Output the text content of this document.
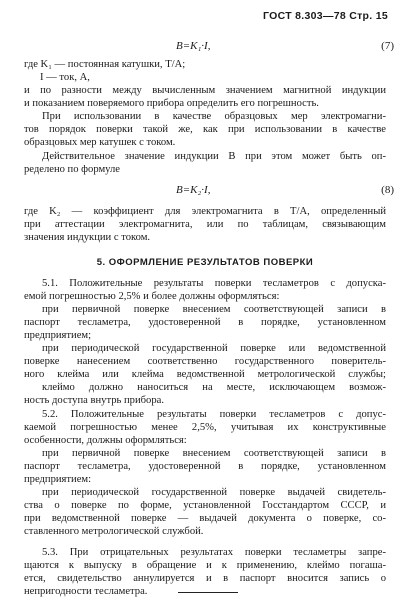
ГОСТ 8.303—78 Стр. 15
B=K₁·I,	(7)
где K₁ — постоянная катушки, Т/А;
I — ток, А,
и по разности между вычисленным значением магнитной индукции
и показанием поверяемого прибора определить его погрешность.
При использовании в качестве образцовых мер электромагни-
тов порядок поверки такой же, как при использовании в качестве
образцовых мер катушек с током.
Действительное значение индукции B при этом может быть оп-
ределено по формуле
B=K₂·I,	(8)
где K₂ — коэффициент для электромагнита в Т/А, определенный
при аттестации электромагнита, или по таблицам, связывающим
значения индукции с током.
5. ОФОРМЛЕНИЕ РЕЗУЛЬТАТОВ ПОВЕРКИ
5.1. Положительные результаты поверки тесламетров с допуска-
емой погрешностью 2,5% и более должны оформляться:
при первичной поверке внесением соответствующей записи в
паспорт тесламетра, удостоверенной в порядке, установленном
предприятием;
при периодической государственной поверке или ведомственной
поверке нанесением соответственно государственного поверитель-
ного клейма или клейма ведомственной метрологической службы;
клеймо должно наноситься на месте, исключающем возмож-
ность доступа внутрь прибора.
5.2. Положительные результаты поверки тесламетров с допус-
каемой погрешностью менее 2,5%, учитывая их конструктивные
особенности, должны оформляться:
при первичной поверке внесением соответствующей записи в
паспорт тесламетра, удостоверенной в порядке, установленном
предприятием:
при периодической государственной поверке выдачей свидетель-
ства о поверке по форме, установленной Госстандартом СССР, и
при ведомственной поверке — выдачей документа о поверке, со-
ставленного метрологической службой.
5.3. При отрицательных результатах поверки тесламетры запре-
щаются к выпуску в обращение и к применению, клеймо погаша-
ется, свидетельство аннулируется и в паспорт вносится запись о
непригодности тесламетра.
